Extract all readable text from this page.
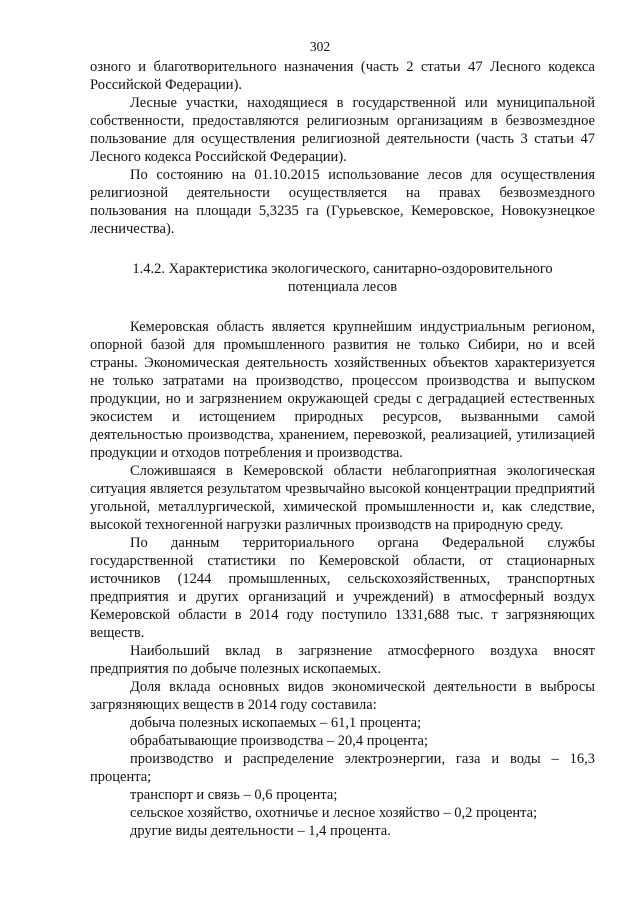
302

озного и благотворительного назначения (часть 2 статьи 47 Лесного кодекса Российской Федерации).

Лесные участки, находящиеся в государственной или муниципальной собственности, предоставляются религиозным организациям в безвозмездное пользование для осуществления религиозной деятельности (часть 3 статьи 47 Лесного кодекса Российской Федерации).

По состоянию на 01.10.2015 использование лесов для осуществления религиозной деятельности осуществляется на правах безвозмездного пользования на площади 5,3235 га (Гурьевское, Кемеровское, Новокузнецкое лесничества).

1.4.2. Характеристика экологического, санитарно-оздоровительного
потенциала лесов

Кемеровская область является крупнейшим индустриальным регионом, опорной базой для промышленного развития не только Сибири, но и всей страны. Экономическая деятельность хозяйственных объектов характеризуется не только затратами на производство, процессом производства и выпуском продукции, но и загрязнением окружающей среды с деградацией естественных экосистем и истощением природных ресурсов, вызванными самой деятельностью производства, хранением, перевозкой, реализацией, утилизацией продукции и отходов потребления и производства.

Сложившаяся в Кемеровской области неблагоприятная экологическая ситуация является результатом чрезвычайно высокой концентрации предприятий угольной, металлургической, химической промышленности и, как следствие, высокой техногенной нагрузки различных производств на природную среду.

По данным территориального органа Федеральной службы государственной статистики по Кемеровской области, от стационарных источников (1244 промышленных, сельскохозяйственных, транспортных предприятия и других организаций и учреждений) в атмосферный воздух Кемеровской области в 2014 году поступило 1331,688 тыс. т загрязняющих веществ.

Наибольший вклад в загрязнение атмосферного воздуха вносят предприятия по добыче полезных ископаемых.

Доля вклада основных видов экономической деятельности в выбросы загрязняющих веществ в 2014 году составила:

добыча полезных ископаемых – 61,1 процента;
обрабатывающие производства – 20,4 процента;
производство и распределение электроэнергии, газа и воды – 16,3 процента;
транспорт и связь – 0,6 процента;
сельское хозяйство, охотничье и лесное хозяйство – 0,2 процента;
другие виды деятельности – 1,4 процента.
